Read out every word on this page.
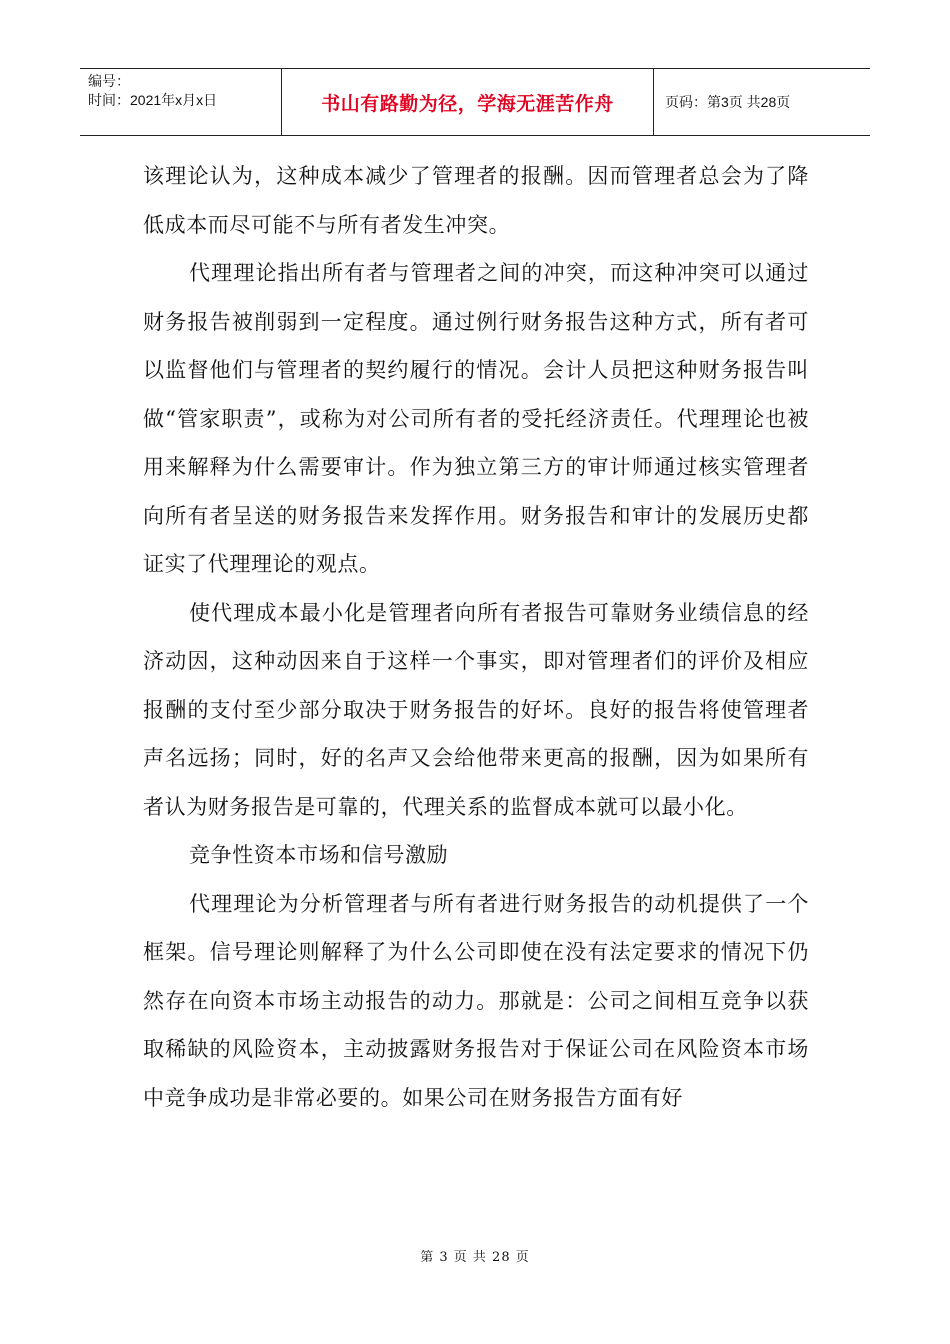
编号：
时间：2021年x月x日	书山有路勤为径，学海无涯苦作舟	页码：第3页 共28页

该理论认为，这种成本减少了管理者的报酬。因而管理者总会为了降低成本而尽可能不与所有者发生冲突。

代理理论指出所有者与管理者之间的冲突，而这种冲突可以通过财务报告被削弱到一定程度。通过例行财务报告这种方式，所有者可以监督他们与管理者的契约履行的情况。会计人员把这种财务报告叫做“管家职责”，或称为对公司所有者的受托经济责任。代理理论也被用来解释为什么需要审计。作为独立第三方的审计师通过核实管理者向所有者呈送的财务报告来发挥作用。财务报告和审计的发展历史都证实了代理理论的观点。

使代理成本最小化是管理者向所有者报告可靠财务业绩信息的经济动因，这种动因来自于这样一个事实，即对管理者们的评价及相应报酬的支付至少部分取决于财务报告的好坏。良好的报告将使管理者声名远扬；同时，好的名声又会给他带来更高的报酬，因为如果所有者认为财务报告是可靠的，代理关系的监督成本就可以最小化。

竞争性资本市场和信号激励

代理理论为分析管理者与所有者进行财务报告的动机提供了一个框架。信号理论则解释了为什么公司即使在没有法定要求的情况下仍然存在向资本市场主动报告的动力。那就是：公司之间相互竞争以获取稀缺的风险资本，主动披露财务报告对于保证公司在风险资本市场中竞争成功是非常必要的。如果公司在财务报告方面有好

第 3 页 共 28 页
